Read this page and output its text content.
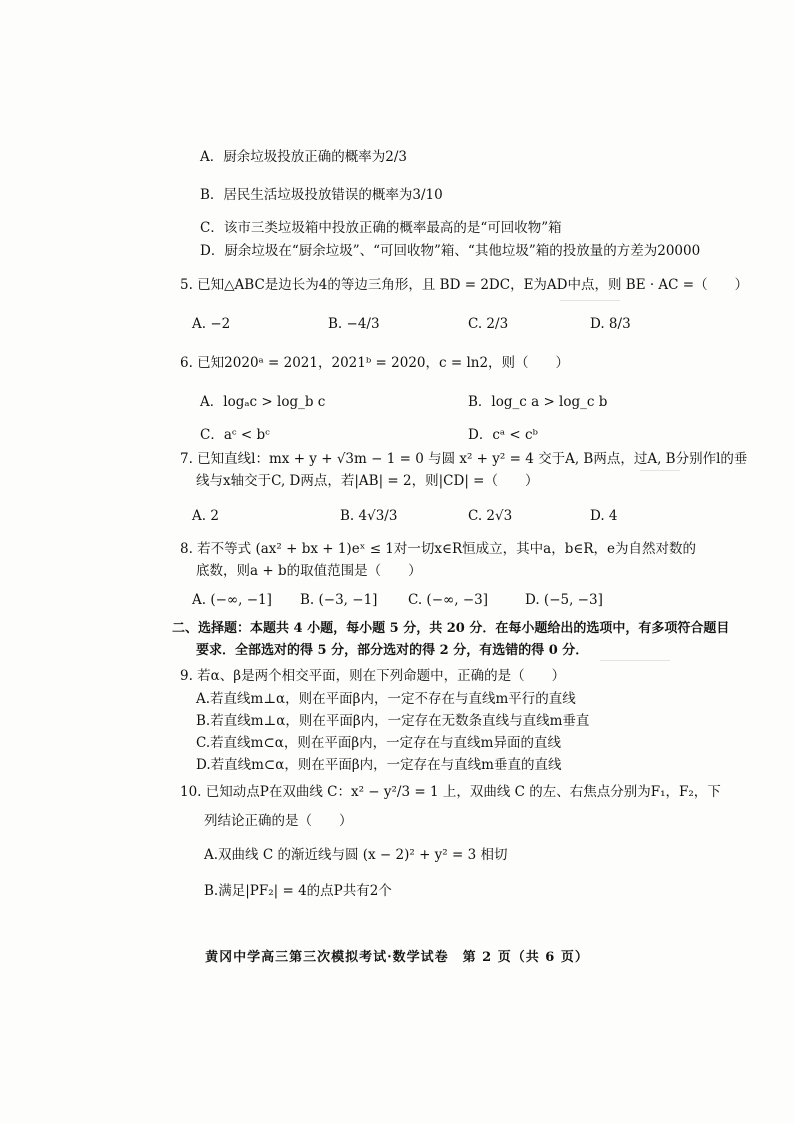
A．厨余垃圾投放正确的概率为2/3
B．居民生活垃圾投放错误的概率为3/10
C．该市三类垃圾箱中投放正确的概率最高的是“可回收物”箱
D．厨余垃圾在“厨余垃圾”、“可回收物”箱、“其他垃圾”箱的投放量的方差为20000
5. 已知△ABC是边长为4的等边三角形，且 BD = 2DC，E为AD中点，则 BE · AC =（　　）
A. −2	B. −4/3	C. 2/3	D. 8/3
6. 已知2020ᵃ = 2021，2021ᵇ = 2020，c = ln2，则（　　）
A．logₐc > log_b c	B．log_c a > log_c b
C．aᶜ < bᶜ	D．cᵃ < cᵇ
7. 已知直线l：mx + y + √3m − 1 = 0 与圆 x² + y² = 4 交于A, B两点，过A, B分别作l的垂
线与x轴交于C, D两点，若|AB| = 2，则|CD| =（　　）
A. 2	B. 4√3/3	C. 2√3	D. 4
8. 若不等式 (ax² + bx + 1)eˣ ≤ 1对一切x∈R恒成立，其中a，b∈R，e为自然对数的
底数，则a + b的取值范围是（　　）
A. (−∞, −1] B. (−3, −1] C. (−∞, −3]	D. (−5, −3]
二、选择题：本题共 4 小题，每小题 5 分，共 20 分．在每小题给出的选项中，有多项符合题目
要求．全部选对的得 5 分，部分选对的得 2 分，有选错的得 0 分．
9. 若α、β是两个相交平面，则在下列命题中，正确的是（　　）
A.若直线m⊥α，则在平面β内，一定不存在与直线m平行的直线
B.若直线m⊥α，则在平面β内，一定存在无数条直线与直线m垂直
C.若直线m⊂α，则在平面β内，一定存在与直线m异面的直线
D.若直线m⊂α，则在平面β内，一定存在与直线m垂直的直线
10. 已知动点P在双曲线 C：x² − y²/3 = 1 上，双曲线 C 的左、右焦点分别为F₁，F₂，下
列结论正确的是（　　）
A.双曲线 C 的渐近线与圆 (x − 2)² + y² = 3 相切
B.满足|PF₂| = 4的点P共有2个
黄冈中学高三第三次模拟考试·数学试卷　第 2 页（共 6 页）
